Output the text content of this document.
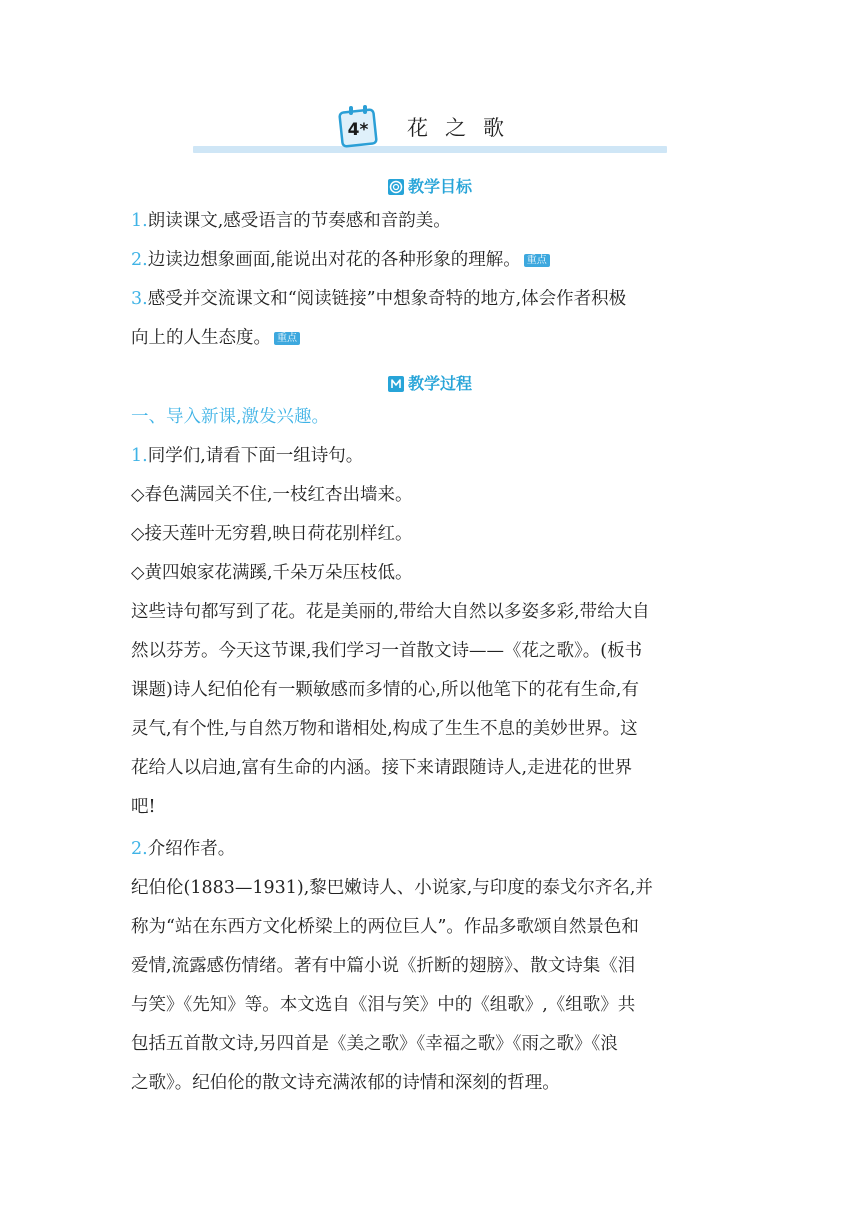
4* 花之歌
教学目标
1.朗读课文,感受语言的节奏感和音韵美。
2.边读边想象画面,能说出对花的各种形象的理解。 重点
3.感受并交流课文和“阅读链接”中想象奇特的地方,体会作者积极
向上的人生态度。 重点
教学过程
一、导入新课,激发兴趣。
1.同学们,请看下面一组诗句。
◇春色满园关不住,一枝红杏出墙来。
◇接天莲叶无穷碧,映日荷花别样红。
◇黄四娘家花满蹊,千朵万朵压枝低。
这些诗句都写到了花。花是美丽的,带给大自然以多姿多彩,带给大自
然以芬芳。今天这节课,我们学习一首散文诗——《花之歌》。(板书
课题)诗人纪伯伦有一颗敏感而多情的心,所以他笔下的花有生命,有
灵气,有个性,与自然万物和谐相处,构成了生生不息的美妙世界。这
花给人以启迪,富有生命的内涵。接下来请跟随诗人,走进花的世界
吧!
2.介绍作者。
纪伯伦(1883—1931),黎巴嫩诗人、小说家,与印度的泰戈尔齐名,并
称为“站在东西方文化桥梁上的两位巨人”。作品多歌颂自然景色和
爱情,流露感伤情绪。著有中篇小说《折断的翅膀》、散文诗集《泪
与笑》《先知》等。本文选自《泪与笑》中的《组歌》,《组歌》共
包括五首散文诗,另四首是《美之歌》《幸福之歌》《雨之歌》《浪
之歌》。纪伯伦的散文诗充满浓郁的诗情和深刻的哲理。
